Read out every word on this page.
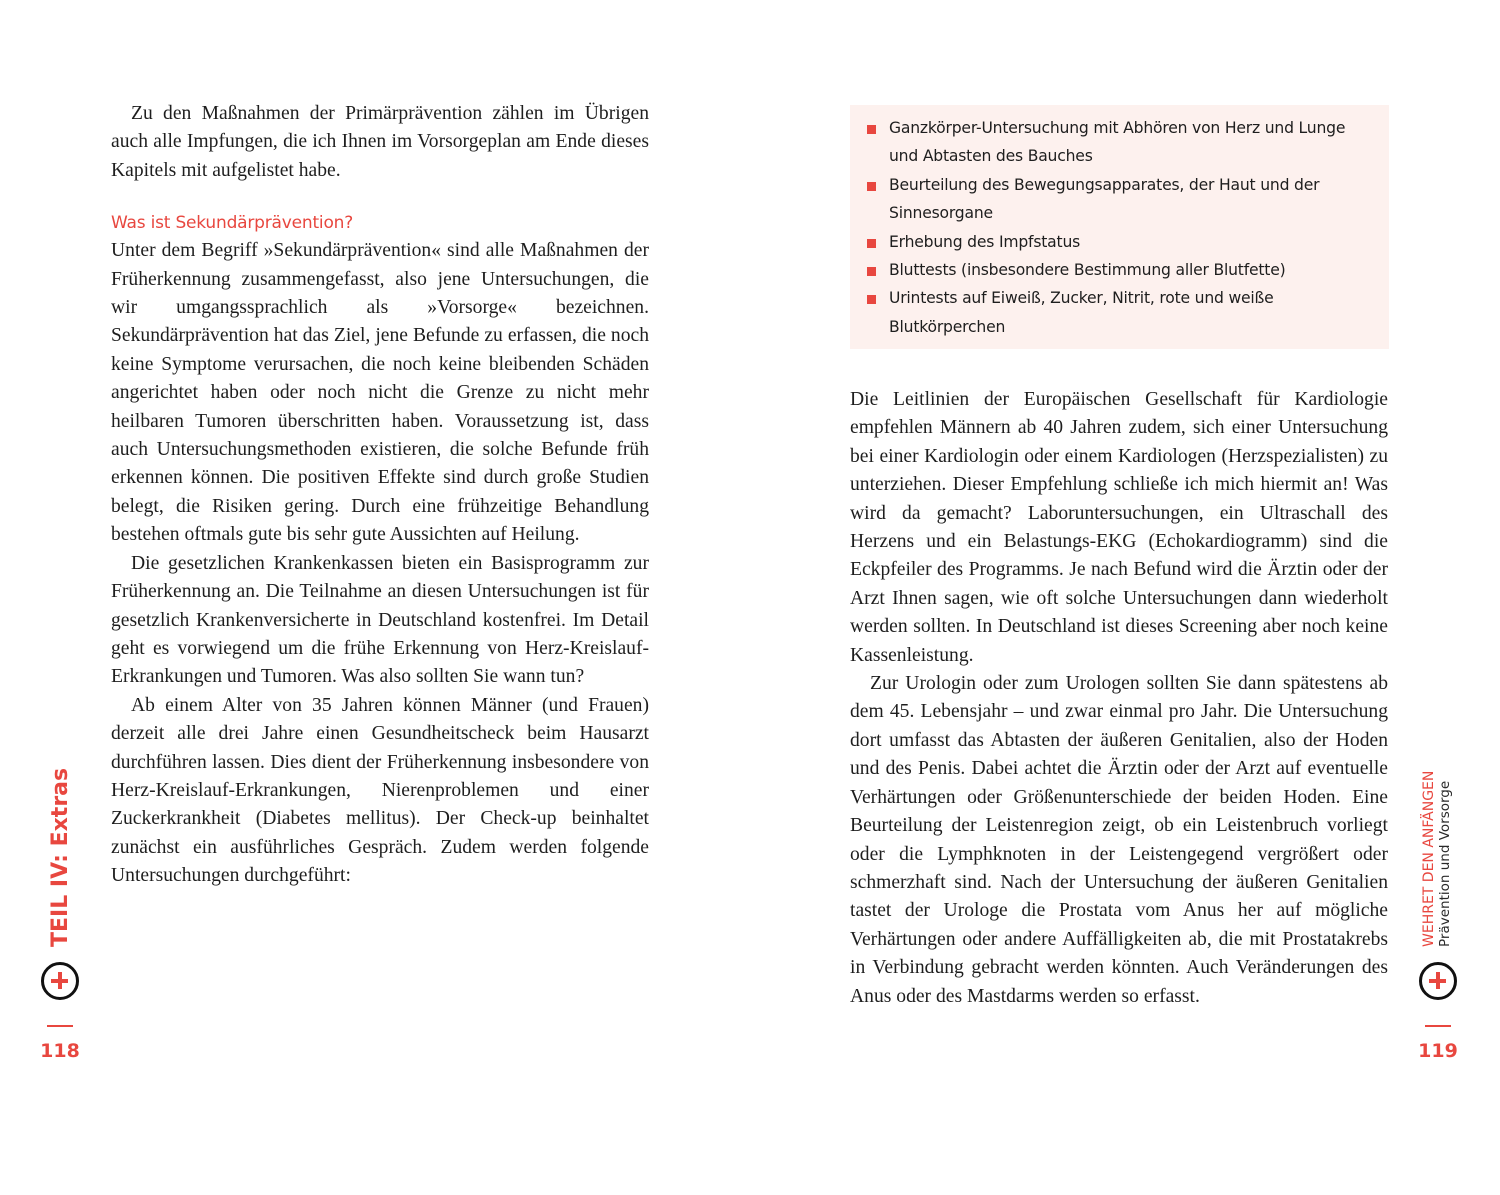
Zu den Maßnahmen der Primärprävention zählen im Übrigen auch alle Impfungen, die ich Ihnen im Vorsorgeplan am Ende dieses Kapitels mit aufgelistet habe.

Was ist Sekundärprävention?

Unter dem Begriff »Sekundärprävention« sind alle Maßnahmen der Früherkennung zusammengefasst, also jene Untersuchungen, die wir umgangssprachlich als »Vorsorge« bezeichnen. Sekundärprävention hat das Ziel, jene Befunde zu erfassen, die noch keine Symptome verursachen, die noch keine bleibenden Schäden angerichtet haben oder noch nicht die Grenze zu nicht mehr heilbaren Tumoren überschritten haben. Voraussetzung ist, dass auch Untersuchungsmethoden existieren, die solche Befunde früh erkennen können. Die positiven Effekte sind durch große Studien belegt, die Risiken gering. Durch eine frühzeitige Behandlung bestehen oftmals gute bis sehr gute Aussichten auf Heilung.

Die gesetzlichen Krankenkassen bieten ein Basisprogramm zur Früherkennung an. Die Teilnahme an diesen Untersuchungen ist für gesetzlich Krankenversicherte in Deutschland kostenfrei. Im Detail geht es vorwiegend um die frühe Erkennung von Herz-Kreislauf-Erkrankungen und Tumoren. Was also sollten Sie wann tun?

Ab einem Alter von 35 Jahren können Männer (und Frauen) derzeit alle drei Jahre einen Gesundheitscheck beim Hausarzt durchführen lassen. Dies dient der Früherkennung insbesondere von Herz-Kreislauf-Erkrankungen, Nierenproblemen und einer Zuckerkrankheit (Diabetes mellitus). Der Check-up beinhaltet zunächst ein ausführliches Gespräch. Zudem werden folgende Untersuchungen durchgeführt:

TEIL IV: Extras
118
Ganzkörper-Untersuchung mit Abhören von Herz und Lunge und Abtasten des Bauches
Beurteilung des Bewegungsapparates, der Haut und der Sinnesorgane
Erhebung des Impfstatus
Bluttests (insbesondere Bestimmung aller Blutfette)
Urintests auf Eiweiß, Zucker, Nitrit, rote und weiße Blutkörperchen

Die Leitlinien der Europäischen Gesellschaft für Kardiologie empfehlen Männern ab 40 Jahren zudem, sich einer Untersuchung bei einer Kardiologin oder einem Kardiologen (Herzspezialisten) zu unterziehen. Dieser Empfehlung schließe ich mich hiermit an! Was wird da gemacht? Laboruntersuchungen, ein Ultraschall des Herzens und ein Belastungs-EKG (Echokardiogramm) sind die Eckpfeiler des Programms. Je nach Befund wird die Ärztin oder der Arzt Ihnen sagen, wie oft solche Untersuchungen dann wiederholt werden sollten. In Deutschland ist dieses Screening aber noch keine Kassenleistung.

Zur Urologin oder zum Urologen sollten Sie dann spätestens ab dem 45. Lebensjahr – und zwar einmal pro Jahr. Die Untersuchung dort umfasst das Abtasten der äußeren Genitalien, also der Hoden und des Penis. Dabei achtet die Ärztin oder der Arzt auf eventuelle Verhärtungen oder Größenunterschiede der beiden Hoden. Eine Beurteilung der Leistenregion zeigt, ob ein Leistenbruch vorliegt oder die Lymphknoten in der Leistengegend vergrößert oder schmerzhaft sind. Nach der Untersuchung der äußeren Genitalien tastet der Urologe die Prostata vom Anus her auf mögliche Verhärtungen oder andere Auffälligkeiten ab, die mit Prostatakrebs in Verbindung gebracht werden könnten. Auch Veränderungen des Anus oder des Mastdarms werden so erfasst.

WEHRET DEN ANFÄNGEN Prävention und Vorsorge
119
